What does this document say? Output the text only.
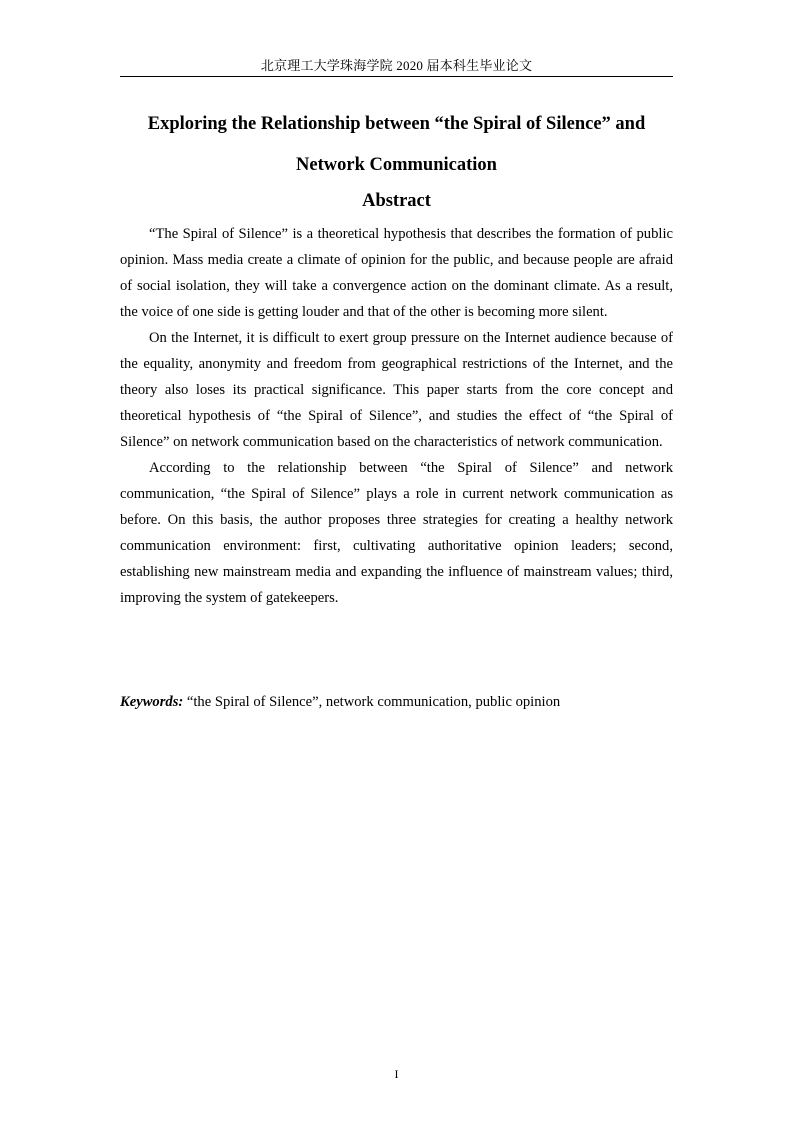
北京理工大学珠海学院 2020 届本科生毕业论文
Exploring the Relationship between “the Spiral of Silence” and
Network Communication
Abstract

“The Spiral of Silence” is a theoretical hypothesis that describes the formation of public opinion. Mass media create a climate of opinion for the public, and because people are afraid of social isolation, they will take a convergence action on the dominant climate. As a result, the voice of one side is getting louder and that of the other is becoming more silent.

On the Internet, it is difficult to exert group pressure on the Internet audience because of the equality, anonymity and freedom from geographical restrictions of the Internet, and the theory also loses its practical significance. This paper starts from the core concept and theoretical hypothesis of “the Spiral of Silence”, and studies the effect of “the Spiral of Silence” on network communication based on the characteristics of network communication.

According to the relationship between “the Spiral of Silence” and network communication, “the Spiral of Silence” plays a role in current network communication as before. On this basis, the author proposes three strategies for creating a healthy network communication environment: first, cultivating authoritative opinion leaders; second, establishing new mainstream media and expanding the influence of mainstream values; third, improving the system of gatekeepers.

Keywords: “the Spiral of Silence”, network communication, public opinion
I
